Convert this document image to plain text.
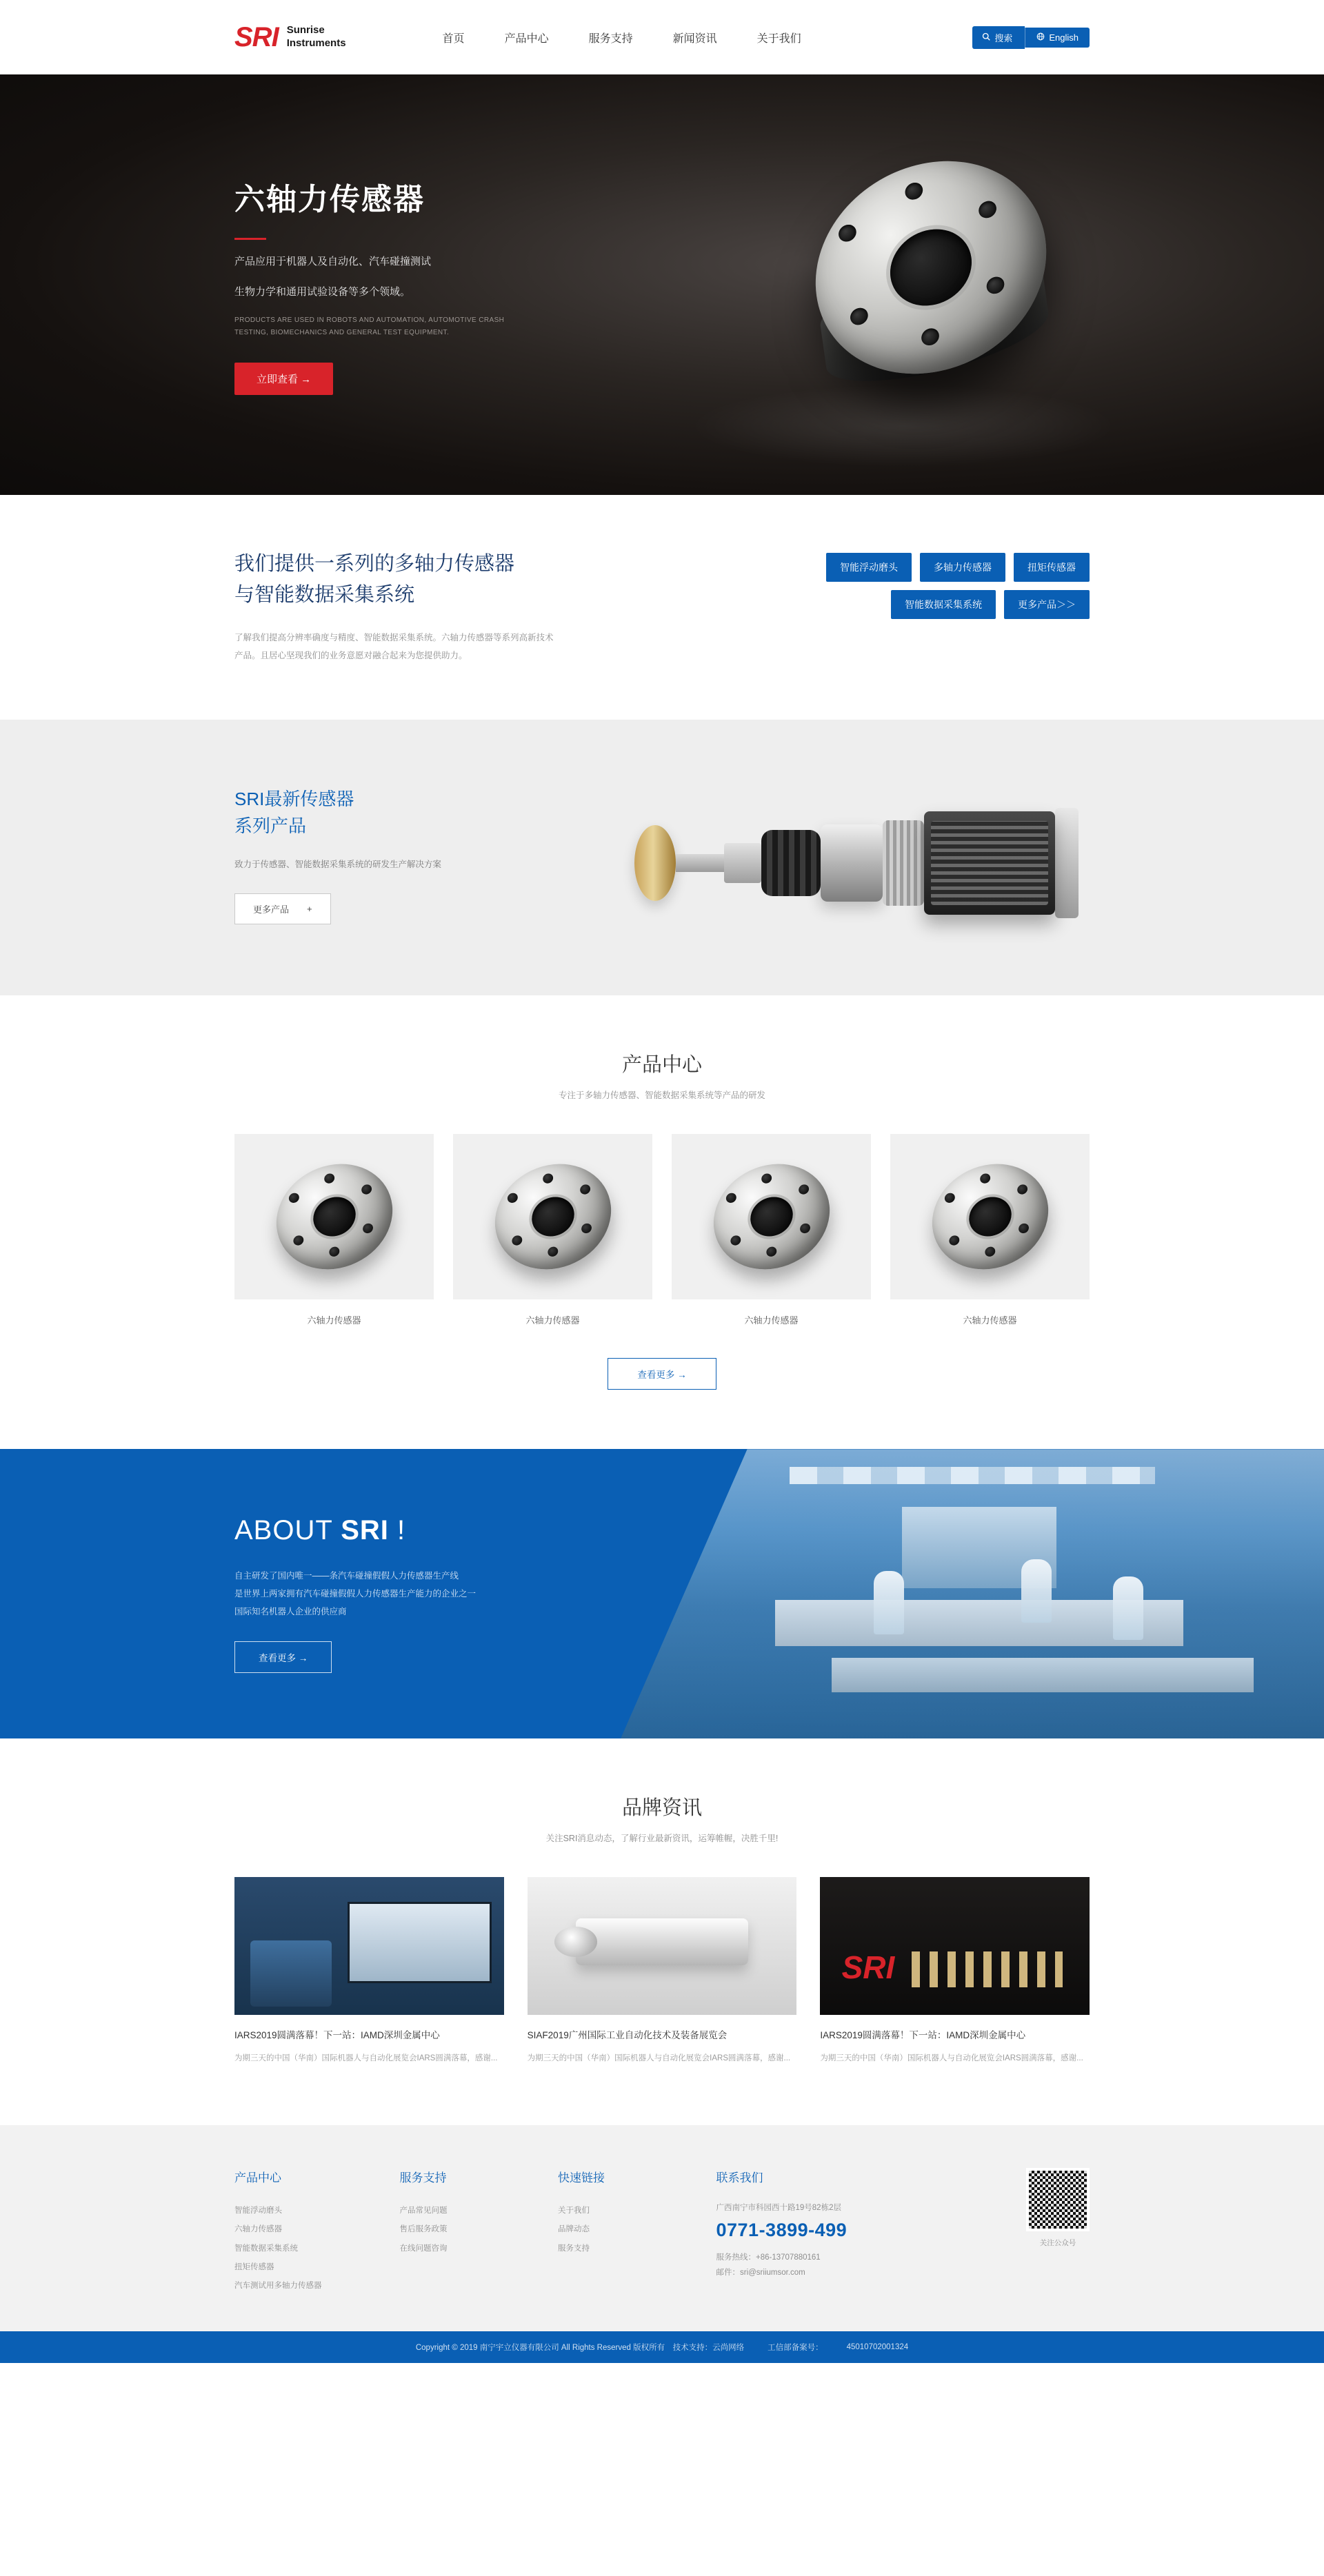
SRI Sunrise
Instruments	首页	产品中心	服务支持	新闻资讯	关于我们	搜索	English
六轴力传感器
产品应用于机器人及自动化、汽车碰撞测试
生物力学和通用试验设备等多个领域。
PRODUCTS ARE USED IN ROBOTS AND AUTOMATION, AUTOMOTIVE CRASH TESTING, BIOMECHANICS AND GENERAL TEST EQUIPMENT.
立即查看 →
我们提供一系列的多轴力传感器
与智能数据采集系统
了解我们提高分辨率确度与精度、智能数据采集系统。六轴力传感器等系列高新技术产品。且居心坚现我们的业务意愿对融合起来为您提供助力。
智能浮动磨头	多轴力传感器	扭矩传感器
智能数据采集系统	更多产品＞＞
SRI最新传感器
系列产品
致力于传感器、智能数据采集系统的研发生产解决方案
更多产品 +
产品中心
专注于多轴力传感器、智能数据采集系统等产品的研发
六轴力传感器	六轴力传感器	六轴力传感器	六轴力传感器
查看更多 →
ABOUT SRI !
自主研发了国内唯一——条汽车碰撞假假人力传感器生产线
是世界上两家拥有汽车碰撞假假人力传感器生产能力的企业之一
国际知名机器人企业的供应商
查看更多 →
品牌资讯
关注SRI消息动态，了解行业最新资讯，运筹帷幄，决胜千里!
IARS2019圆满落幕！下一站：IAMD深圳金属中心
为期三天的中国（华南）国际机器人与自动化展览会IARS圆满落幕，感谢...
SIAF2019广州国际工业自动化技术及装备展览会
为期三天的中国（华南）国际机器人与自动化展览会IARS圆满落幕，感谢...
SRI
IARS2019圆满落幕！下一站：IAMD深圳金属中心
为期三天的中国（华南）国际机器人与自动化展览会IARS圆满落幕，感谢...
产品中心
智能浮动磨头
六轴力传感器
智能数据采集系统
扭矩传感器
汽车测试用多轴力传感器
服务支持
产品常见问题
售后服务政策
在线问题咨询
快速链接
关于我们
品牌动态
服务支持
联系我们
广西南宁市科园西十路19号82栋2层
0771-3899-499
服务热线：+86-13707880161
邮件：sri@sriiumsor.com
关注公众号
Copyright © 2019 南宁宇立仪器有限公司 All Rights Reserved 版权所有　技术支持：云尚网络	工信部备案号：	45010702001324
